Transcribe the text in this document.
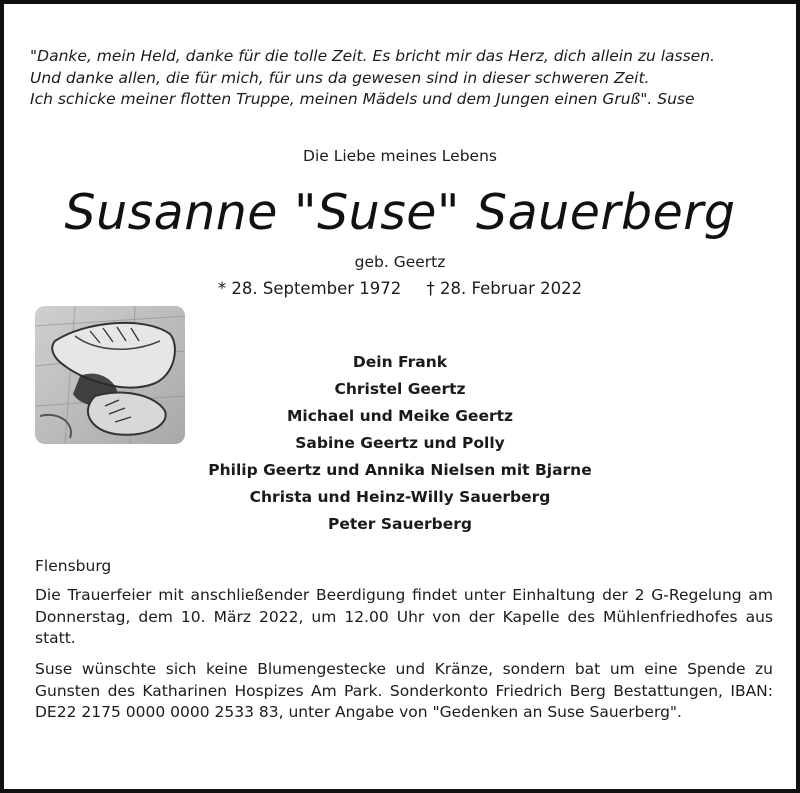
"Danke, mein Held, danke für die tolle Zeit. Es bricht mir das Herz, dich allein zu lassen.
Und danke allen, die für mich, für uns da gewesen sind in dieser schweren Zeit.
Ich schicke meiner flotten Truppe, meinen Mädels und dem Jungen einen Gruß". Suse
Die Liebe meines Lebens
Susanne "Suse" Sauerberg
geb. Geertz
* 28. September 1972 † 28. Februar 2022
Dein Frank
Christel Geertz
Michael und Meike Geertz
Sabine Geertz und Polly
Philip Geertz und Annika Nielsen mit Bjarne
Christa und Heinz-Willy Sauerberg
Peter Sauerberg
Flensburg
Die Trauerfeier mit anschließender Beerdigung findet unter Einhaltung der 2 G-Regelung am Donnerstag, dem 10. März 2022, um 12.00 Uhr von der Kapelle des Mühlenfriedhofes aus statt.
Suse wünschte sich keine Blumengestecke und Kränze, sondern bat um eine Spende zu Gunsten des Katharinen Hospizes Am Park. Sonderkonto Friedrich Berg Bestattungen, IBAN: DE22 2175 0000 0000 2533 83, unter Angabe von "Gedenken an Suse Sauerberg".
